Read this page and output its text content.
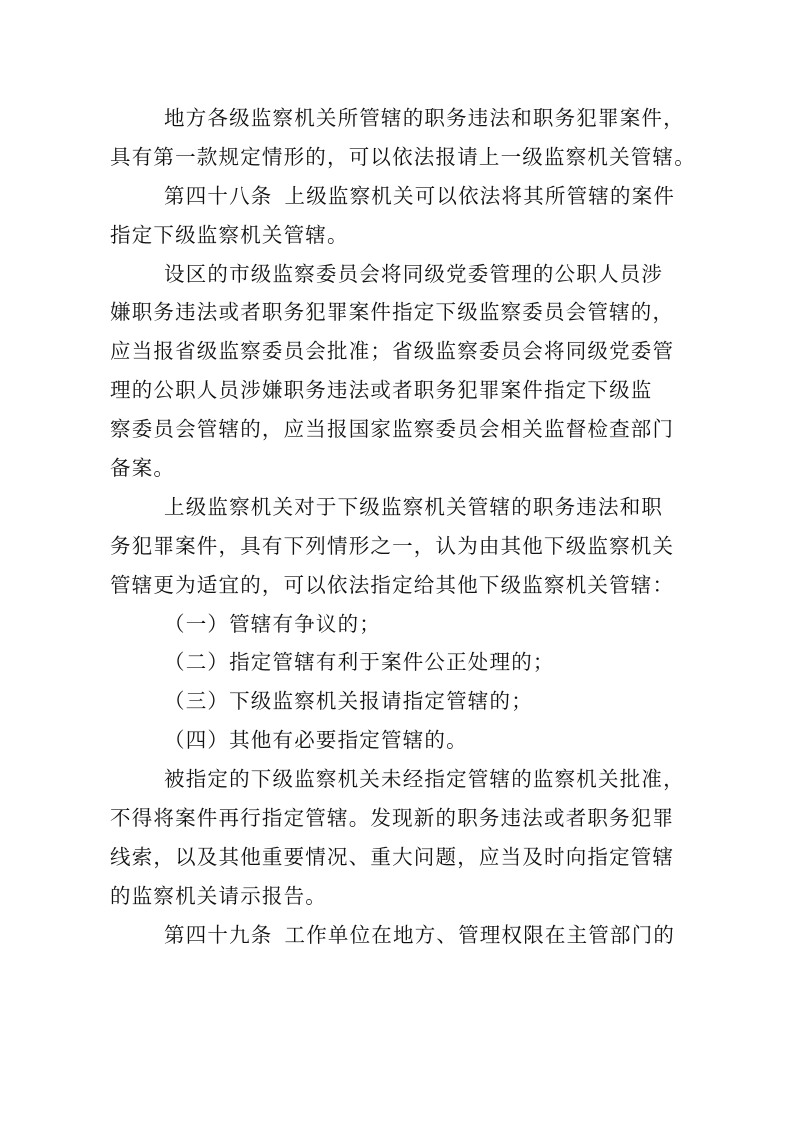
地方各级监察机关所管辖的职务违法和职务犯罪案件，
具有第一款规定情形的，可以依法报请上一级监察机关管辖。
第四十八条 上级监察机关可以依法将其所管辖的案件
指定下级监察机关管辖。
设区的市级监察委员会将同级党委管理的公职人员涉
嫌职务违法或者职务犯罪案件指定下级监察委员会管辖的，
应当报省级监察委员会批准；省级监察委员会将同级党委管
理的公职人员涉嫌职务违法或者职务犯罪案件指定下级监
察委员会管辖的，应当报国家监察委员会相关监督检查部门
备案。
上级监察机关对于下级监察机关管辖的职务违法和职
务犯罪案件，具有下列情形之一，认为由其他下级监察机关
管辖更为适宜的，可以依法指定给其他下级监察机关管辖：
（一）管辖有争议的；
（二）指定管辖有利于案件公正处理的；
（三）下级监察机关报请指定管辖的；
（四）其他有必要指定管辖的。
被指定的下级监察机关未经指定管辖的监察机关批准，
不得将案件再行指定管辖。发现新的职务违法或者职务犯罪
线索，以及其他重要情况、重大问题，应当及时向指定管辖
的监察机关请示报告。
第四十九条 工作单位在地方、管理权限在主管部门的
